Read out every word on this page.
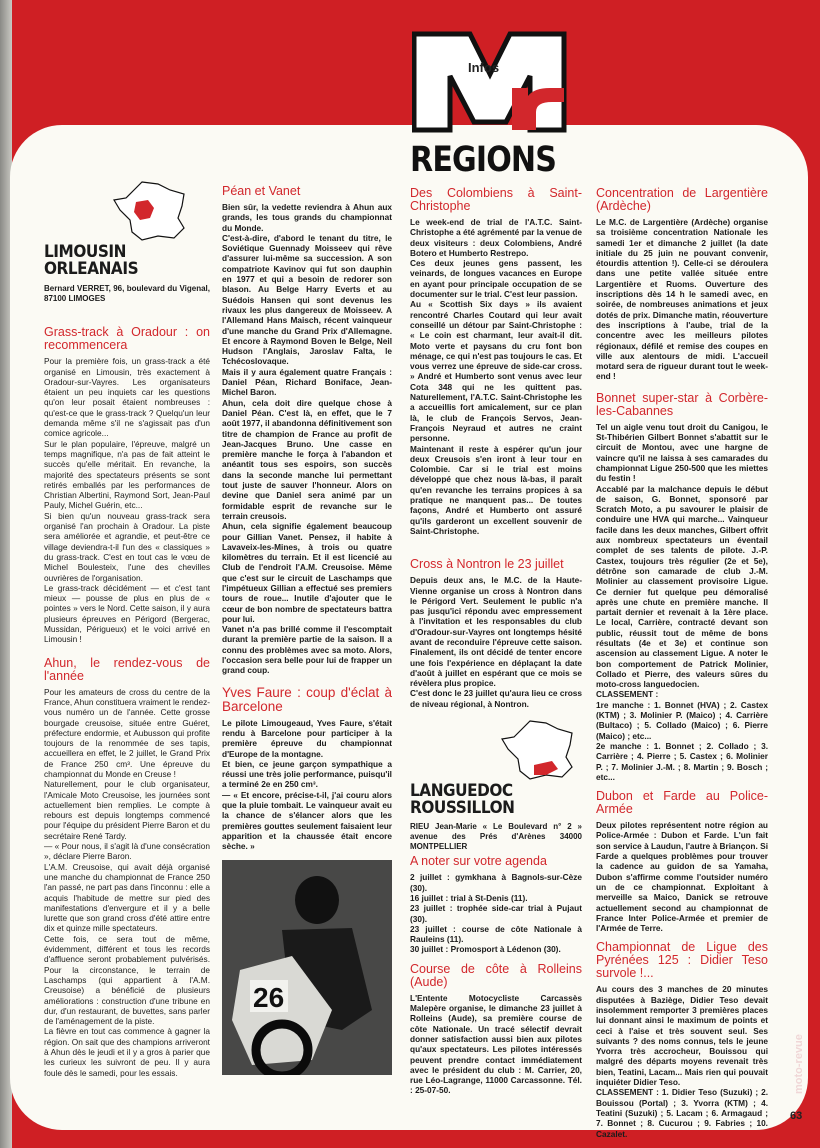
Infos
REGIONS
LIMOUSIN
ORLEANAIS

Bernard VERRET, 96, boulevard du Vigenal, 87100 LIMOGES

Grass-track à Oradour : on recommencera

Pour la première fois, un grass-track a été organisé en Limousin, très exactement à Oradour-sur-Vayres. Les organisateurs étaient un peu inquiets car les questions qu'on leur posait étaient nombreuses : qu'est-ce que le grass-track ? Quelqu'un leur demanda même s'il ne s'agissait pas d'un comice agricole...

Sur le plan populaire, l'épreuve, malgré un temps magnifique, n'a pas de fait atteint le succès qu'elle méritait. En revanche, la majorité des spectateurs présents se sont retirés emballés par les performances de Christian Albertini, Raymond Sort, Jean-Paul Pauly, Michel Guérin, etc...

Si bien qu'un nouveau grass-track sera organisé l'an prochain à Oradour. La piste sera améliorée et agrandie, et peut-être ce village deviendra-t-il l'un des « classiques » du grass-track. C'est en tout cas le vœu de Michel Boulesteix, l'une des chevilles ouvrières de l'organisation.

Le grass-track décidément — et c'est tant mieux — pousse de plus en plus de « pointes » vers le Nord. Cette saison, il y aura plusieurs épreuves en Périgord (Bergerac, Mussidan, Périgueux) et le voici arrivé en Limousin !

Ahun, le rendez-vous de l'année

Pour les amateurs de cross du centre de la France, Ahun constituera vraiment le rendez-vous numéro un de l'année. Cette grosse bourgade creusoise, située entre Guéret, préfecture endormie, et Aubusson qui profite toujours de la renommée de ses tapis, accueillera en effet, le 2 juillet, le Grand Prix de France 250 cm³. Une épreuve du championnat du Monde en Creuse !

Naturellement, pour le club organisateur, l'Amicale Moto Creusoise, les journées sont actuellement bien remplies. Le compte à rebours est depuis longtemps commencé pour l'équipe du président Pierre Baron et du secrétaire René Tardy.

— « Pour nous, il s'agit là d'une consécration », déclare Pierre Baron.

L'A.M. Creusoise, qui avait déjà organisé une manche du championnat de France 250 l'an passé, ne part pas dans l'inconnu : elle a acquis l'habitude de mettre sur pied des manifestations d'envergure et il y a belle lurette que son grand cross d'été attire entre dix et quinze mille spectateurs.

Cette fois, ce sera tout de même, évidemment, différent et tous les records d'affluence seront probablement pulvérisés. Pour la circonstance, le terrain de Laschamps (qui appartient à l'A.M. Creusoise) a bénéficié de plusieurs améliorations : construction d'une tribune en dur, d'un restaurant, de buvettes, sans parler de l'aménagement de la piste.

La fièvre en tout cas commence à gagner la région. On sait que des champions arriveront à Ahun dès le jeudi et il y a gros à parier que les curieux les suivront de peu. Il y aura foule dès le samedi, pour les essais.

Péan et Vanet

Bien sûr, la vedette reviendra à Ahun aux grands, les tous grands du championnat du Monde.

C'est-à-dire, d'abord le tenant du titre, le Soviétique Guennady Moisseev qui rêve d'assurer lui-même sa succession. A son compatriote Kavinov qui fut son dauphin en 1977 et qui a besoin de redorer son blason. Au Belge Harry Everts et au Suédois Hansen qui sont devenus les rivaux les plus dangereux de Moisseev. A l'Allemand Hans Maisch, récent vainqueur d'une manche du Grand Prix d'Allemagne. Et encore à Raymond Boven le Belge, Neil Hudson l'Anglais, Jaroslav Falta, le Tchécoslovaque.

Mais il y aura également quatre Français : Daniel Péan, Richard Boniface, Jean-Michel Baron.

Ahun, cela doit dire quelque chose à Daniel Péan. C'est là, en effet, que le 7 août 1977, il abandonna définitivement son titre de champion de France au profit de Jean-Jacques Bruno. Une casse en première manche le força à l'abandon et anéantit tous ses espoirs, son succès dans la seconde manche lui permettant tout juste de sauver l'honneur. Alors on devine que Daniel sera animé par un formidable esprit de revanche sur le terrain creusois.

Ahun, cela signifie également beaucoup pour Gillian Vanet. Pensez, il habite à Lavaveix-les-Mines, à trois ou quatre kilomètres du terrain. Et il est licencié au Club de l'endroit l'A.M. Creusoise. Même que c'est sur le circuit de Laschamps que l'impétueux Gillian a effectué ses premiers tours de roue... Inutile d'ajouter que le cœur de bon nombre de spectateurs battra pour lui.

Vanet n'a pas brillé comme il l'escomptait durant la première partie de la saison. Il a connu des problèmes avec sa moto. Alors, l'occasion sera belle pour lui de frapper un grand coup.

Yves Faure : coup d'éclat à Barcelone

Le pilote Limougeaud, Yves Faure, s'était rendu à Barcelone pour participer à la première épreuve du championnat d'Europe de la montagne.

Et bien, ce jeune garçon sympathique a réussi une très jolie performance, puisqu'il a terminé 2e en 250 cm³.

— « Et encore, précise-t-il, j'ai couru alors que la pluie tombait. Le vainqueur avait eu la chance de s'élancer alors que les premières gouttes seulement faisaient leur apparition et la chaussée était encore sèche. »

26
Des Colombiens à Saint-Christophe

Le week-end de trial de l'A.T.C. Saint-Christophe a été agrémenté par la venue de deux visiteurs : deux Colombiens, André Botero et Humberto Restrepo.

Ces deux jeunes gens passent, les veinards, de longues vacances en Europe en ayant pour principale occupation de se documenter sur le trial. C'est leur passion.

Au « Scottish Six days » ils avaient rencontré Charles Coutard qui leur avait conseillé un détour par Saint-Christophe : « Le coin est charmant, leur avait-il dit. Moto verte et paysans du cru font bon ménage, ce qui n'est pas toujours le cas. Et vous verrez une épreuve de side-car cross. » André et Humberto sont venus avec leur Cota 348 qui ne les quittent pas. Naturellement, l'A.T.C. Saint-Christophe les a accueillis fort amicalement, sur ce plan là, le club de François Servos, Jean-François Neyraud et autres ne craint personne.

Maintenant il reste à espérer qu'un jour deux Creusois s'en iront à leur tour en Colombie. Car si le trial est moins développé que chez nous là-bas, il paraît qu'en revanche les terrains propices à sa pratique ne manquent pas... De toutes façons, André et Humberto ont assuré qu'ils garderont un excellent souvenir de Saint-Christophe.

Cross à Nontron le 23 juillet

Depuis deux ans, le M.C. de la Haute-Vienne organise un cross à Nontron dans le Périgord Vert. Seulement le public n'a pas jusqu'ici répondu avec empressement à l'invitation et les responsables du club d'Oradour-sur-Vayres ont longtemps hésité avant de reconduire l'épreuve cette saison. Finalement, ils ont décidé de tenter encore une fois l'expérience en déplaçant la date d'août à juillet en espérant que ce mois se révèlera plus propice.

C'est donc le 23 juillet qu'aura lieu ce cross de niveau régional, à Nontron.

LANGUEDOC
ROUSSILLON

RIEU Jean-Marie « Le Boulevard n° 2 » avenue des Prés d'Arènes 34000 MONTPELLIER

A noter sur votre agenda

2 juillet : gymkhana à Bagnols-sur-Cèze (30).

16 juillet : trial à St-Denis (11).

23 juillet : trophée side-car trial à Pujaut (30).

23 juillet : course de côte Nationale à Rauleins (11).

30 juillet : Promosport à Lédenon (30).

Course de côte à Rolleins (Aude)

L'Entente Motocycliste Carcassès Malepère organise, le dimanche 23 juillet à Rolleins (Aude), sa première course de côte Nationale. Un tracé sélectif devrait donner satisfaction aussi bien aux pilotes qu'aux spectateurs. Les pilotes intéressés peuvent prendre contact immédiatement avec le président du club : M. Carrier, 20, rue Léo-Lagrange, 11000 Carcassonne. Tél. : 25-07-50.

Concentration de Largentière (Ardèche)

Le M.C. de Largentière (Ardèche) organise sa troisième concentration Nationale les samedi 1er et dimanche 2 juillet (la date initiale du 25 juin ne pouvant convenir, étourdis attention !). Celle-ci se déroulera dans une petite vallée située entre Largentière et Ruoms. Ouverture des inscriptions dès 14 h le samedi avec, en soirée, de nombreuses animations et jeux dotés de prix. Dimanche matin, réouverture des inscriptions à l'aube, trial de la concentre avec les meilleurs pilotes régionaux, défilé et remise des coupes en ville aux alentours de midi. L'accueil motard sera de rigueur durant tout le week-end !

Bonnet super-star à Corbère-les-Cabannes

Tel un aigle venu tout droit du Canigou, le St-Thibérien Gilbert Bonnet s'abattit sur le circuit de Montou, avec une hargne de vaincre qu'il ne laissa à ses camarades du championnat Ligue 250-500 que les miettes du festin !

Accablé par la malchance depuis le début de saison, G. Bonnet, sponsoré par Scratch Moto, a pu savourer le plaisir de conduire une HVA qui marche... Vainqueur facile dans les deux manches, Gilbert offrit aux nombreux spectateurs un éventail complet de ses talents de pilote. J.-P. Castex, toujours très régulier (2e et 5e), détrône son camarade de club J.-M. Molinier au classement provisoire Ligue. Ce dernier fut quelque peu démoralisé après une chute en première manche. Il partait dernier et revenait à la 1ère place. Le local, Carrière, contracté devant son public, réussit tout de même de bons résultats (4e et 3e) et continue son ascension au classement Ligue. A noter le bon comportement de Patrick Molinier, Collado et Pierre, des valeurs sûres du moto-cross languedocien.

CLASSEMENT :

1re manche : 1. Bonnet (HVA) ; 2. Castex (KTM) ; 3. Molinier P. (Maico) ; 4. Carrière (Bultaco) ; 5. Collado (Maico) ; 6. Pierre (Maico) ; etc...

2e manche : 1. Bonnet ; 2. Collado ; 3. Carrière ; 4. Pierre ; 5. Castex ; 6. Molinier P. ; 7. Molinier J.-M. ; 8. Martin ; 9. Bosch ; etc...

Dubon et Farde au Police-Armée

Deux pilotes représentent notre région au Police-Armée : Dubon et Farde. L'un fait son service à Laudun, l'autre à Briançon. Si Farde a quelques problèmes pour trouver la cadence au guidon de sa Yamaha, Dubon s'affirme comme l'outsider numéro un de ce championnat. Exploitant à merveille sa Maico, Danick se retrouve actuellement second au championnat de France Inter Police-Armée et premier de l'Armée de Terre.

Championnat de Ligue des Pyrénées 125 : Didier Teso survole !...

Au cours des 3 manches de 20 minutes disputées à Baziège, Didier Teso devait insolemment remporter 3 premières places lui donnant ainsi le maximum de points et ceci à l'aise et très souvent seul. Ses suivants ? des noms connus, tels le jeune Yvorra très accrocheur, Bouissou qui malgré des départs moyens revenait très bien, Teatini, Lacam... Mais rien qui pouvait inquiéter Didier Teso.

CLASSEMENT : 1. Didier Teso (Suzuki) ; 2. Bouissou (Portal) ; 3. Yvorra (KTM) ; 4. Teatini (Suzuki) ; 5. Lacam ; 6. Armagaud ; 7. Bonnet ; 8. Cucurou ; 9. Fabries ; 10. Cazalet.

moto-revue
63
